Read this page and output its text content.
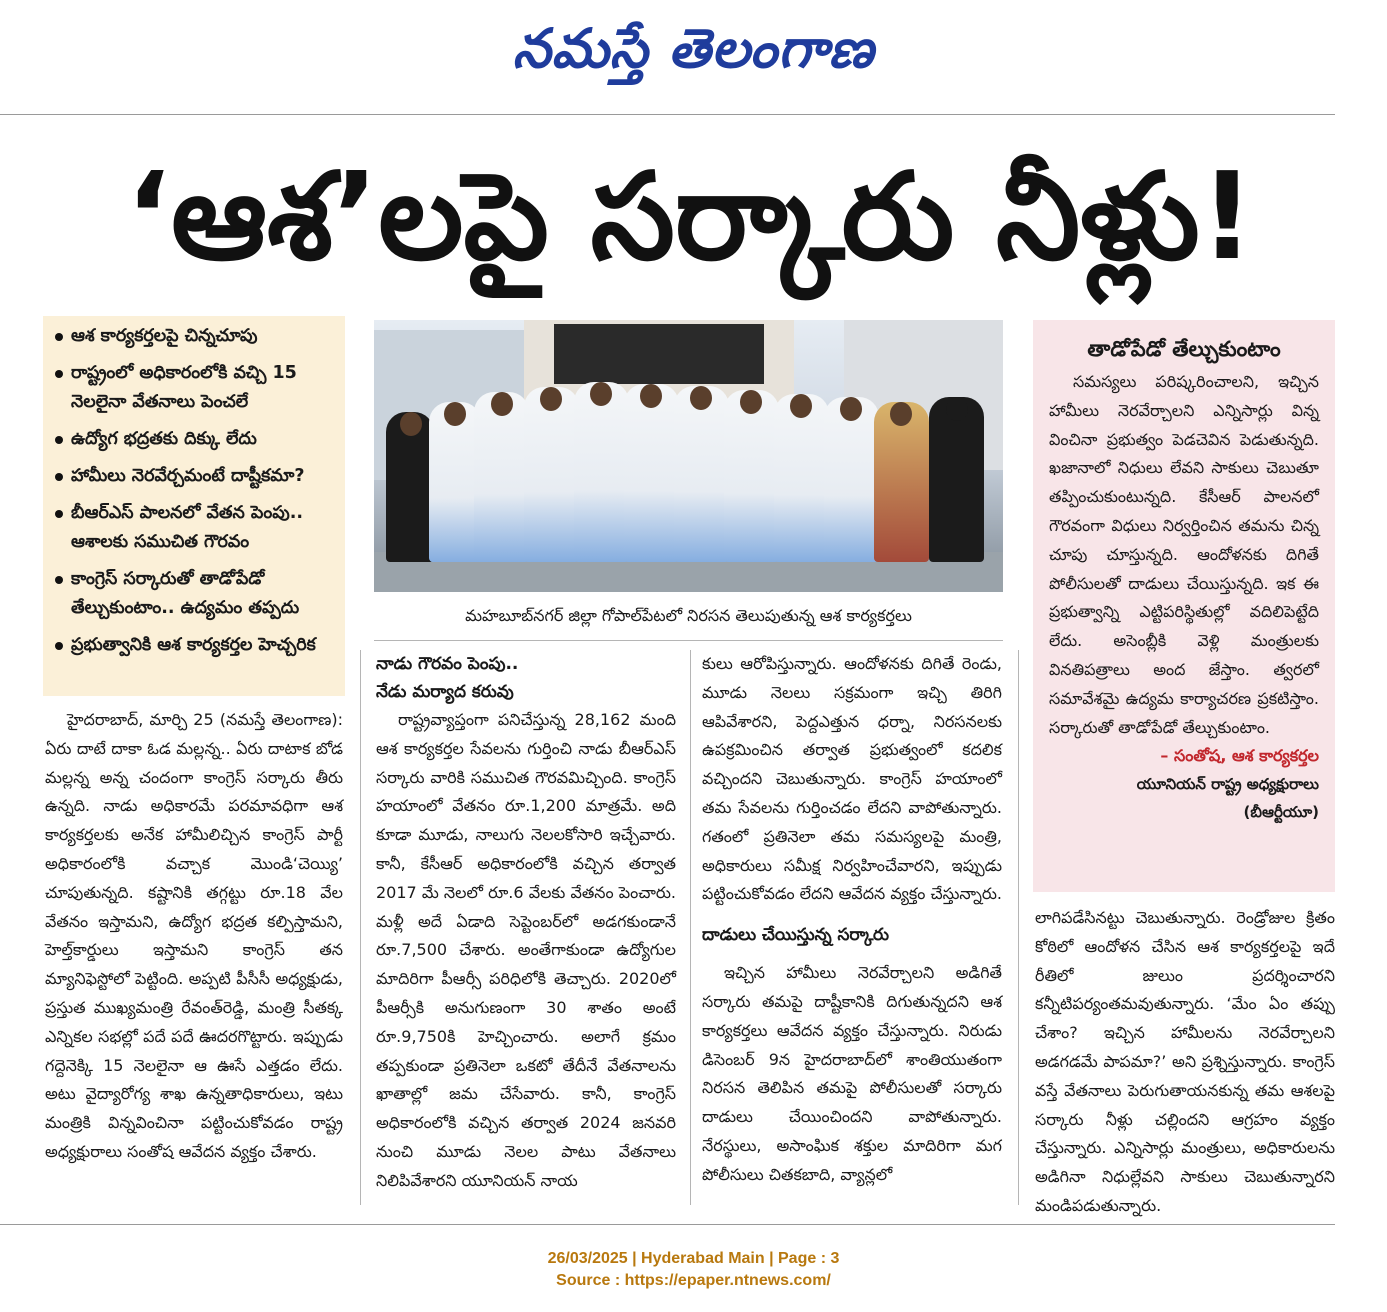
నమస్తే తెలంగాణ
‘ఆశ’లపై సర్కారు నీళ్లు!
ఆశ కార్యకర్తలపై చిన్నచూపు
రాష్ట్రంలో అధికారంలోకి వచ్చి 15 నెలలైనా వేతనాలు పెంచలే
ఉద్యోగ భద్రతకు దిక్కు లేదు
హామీలు నెరవేర్చమంటే దాష్టీకమా?
బీఆర్ఎస్ పాలనలో వేతన పెంపు.. ఆశాలకు సముచిత గౌరవం
కాంగ్రెస్ సర్కారుతో తాడోపేడో తేల్చుకుంటాం.. ఉద్యమం తప్పదు
ప్రభుత్వానికి ఆశ కార్యకర్తల హెచ్చరిక
మహబూబ్‌నగర్ జిల్లా గోపాల్‌పేటలో నిరసన తెలుపుతున్న ఆశ కార్యకర్తలు
తాడోపేడో తేల్చుకుంటాం
సమస్యలు పరిష్కరించాలని, ఇచ్చిన హామీలు నెరవేర్చాలని ఎన్నిసార్లు విన్న వించినా ప్రభుత్వం పెడచెవిన పెడుతున్నది. ఖజానాలో నిధులు లేవని సాకులు చెబుతూ తప్పించుకుంటున్నది. కేసీఆర్ పాలనలో గౌరవంగా విధులు నిర్వర్తించిన తమను చిన్న చూపు చూస్తున్నది. ఆందోళనకు దిగితే పోలీసులతో దాడులు చేయిస్తున్నది. ఇక ఈ ప్రభుత్వాన్ని ఎట్టిపరిస్థితుల్లో వదిలిపెట్టేది లేదు. అసెంబ్లీకి వెళ్లి మంత్రులకు వినతిపత్రాలు అంద జేస్తాం. త్వరలో సమావేశమై ఉద్యమ కార్యాచరణ ప్రకటిస్తాం. సర్కారుతో తాడోపేడో తేల్చుకుంటాం.
– సంతోష, ఆశ కార్యకర్తల
యూనియన్ రాష్ట్ర అధ్యక్షురాలు
(బీఆర్టీయూ)
హైదరాబాద్, మార్చి 25 (నమస్తే తెలంగాణ): ఏరు దాటే దాకా ఓడ మల్లన్న.. ఏరు దాటాక బోడ మల్లన్న అన్న చందంగా కాంగ్రెస్ సర్కారు తీరు ఉన్నది. నాడు అధికారమే పరమావధిగా ఆశ కార్యకర్తలకు అనేక హామీలిచ్చిన కాంగ్రెస్ పార్టీ అధికారంలోకి వచ్చాక మొండి‘చెయ్యి’ చూపుతున్నది. కష్టానికి తగ్గట్టు రూ.18 వేల వేతనం ఇస్తామని, ఉద్యోగ భద్రత కల్పిస్తామని, హెల్త్‌కార్డులు ఇస్తామని కాంగ్రెస్ తన మ్యానిఫెస్టోలో పెట్టింది. అప్పటి పీసీసీ అధ్యక్షుడు, ప్రస్తుత ముఖ్యమంత్రి రేవంత్‌రెడ్డి, మంత్రి సీతక్క ఎన్నికల సభల్లో పదే పదే ఊదరగొట్టారు. ఇప్పుడు గద్దెనెక్కి 15 నెలలైనా ఆ ఊసే ఎత్తడం లేదు. అటు వైద్యారోగ్య శాఖ ఉన్నతాధికారులు, ఇటు మంత్రికి విన్నవించినా పట్టించుకోవడం రాష్ట్ర అధ్యక్షురాలు సంతోష ఆవేదన వ్యక్తం చేశారు.
నాడు గౌరవం పెంపు..
నేడు మర్యాద కరువు
రాష్ట్రవ్యాప్తంగా పనిచేస్తున్న 28,162 మంది ఆశ కార్యకర్తల సేవలను గుర్తించి నాడు బీఆర్ఎస్ సర్కారు వారికి సముచిత గౌరవమిచ్చింది. కాంగ్రెస్ హయాంలో వేతనం రూ.1,200 మాత్రమే. అది కూడా మూడు, నాలుగు నెలలకోసారి ఇచ్చేవారు. కానీ, కేసీఆర్ అధికారంలోకి వచ్చిన తర్వాత 2017 మే నెలలో రూ.6 వేలకు వేతనం పెంచారు. మళ్లీ అదే ఏడాది సెప్టెంబర్‌లో అడగకుండానే రూ.7,500 చేశారు. అంతేగాకుండా ఉద్యోగుల మాదిరిగా పీఆర్సీ పరిధిలోకి తెచ్చారు. 2020లో పీఆర్సీకి అనుగుణంగా 30 శాతం అంటే రూ.9,750కి హెచ్చించారు. అలాగే క్రమం తప్పకుండా ప్రతినెలా ఒకటో తేదీనే వేతనాలను ఖాతాల్లో జమ చేసేవారు. కానీ, కాంగ్రెస్ అధికారంలోకి వచ్చిన తర్వాత 2024 జనవరి నుంచి మూడు నెలల పాటు వేతనాలు నిలిపివేశారని యూనియన్ నాయ
కులు ఆరోపిస్తున్నారు. ఆందోళనకు దిగితే రెండు, మూడు నెలలు సక్రమంగా ఇచ్చి తిరిగి ఆపివేశారని, పెద్దఎత్తున ధర్నా, నిరసనలకు ఉపక్రమించిన తర్వాత ప్రభుత్వంలో కదలిక వచ్చిందని చెబుతున్నారు. కాంగ్రెస్ హయాంలో తమ సేవలను గుర్తించడం లేదని వాపోతున్నారు. గతంలో ప్రతినెలా తమ సమస్యలపై మంత్రి, అధికారులు సమీక్ష నిర్వహించేవారని, ఇప్పుడు పట్టించుకోవడం లేదని ఆవేదన వ్యక్తం చేస్తున్నారు.
దాడులు చేయిస్తున్న సర్కారు
ఇచ్చిన హామీలు నెరవేర్చాలని అడిగితే సర్కారు తమపై దాష్టీకానికి దిగుతున్నదని ఆశ కార్యకర్తలు ఆవేదన వ్యక్తం చేస్తున్నారు. నిరుడు డిసెంబర్ 9న హైదరాబాద్‌లో శాంతియుతంగా నిరసన తెలిపిన తమపై పోలీసులతో సర్కారు దాడులు చేయించిందని వాపోతున్నారు. నేరస్థులు, అసాంఘిక శక్తుల మాదిరిగా మగ పోలీసులు చితకబాది, వ్యాన్లలో
లాగిపడేసినట్టు చెబుతున్నారు. రెండ్రోజుల క్రితం కోఠిలో ఆందోళన చేసిన ఆశ కార్యకర్తలపై ఇదే రీతిలో జులుం ప్రదర్శించారని కన్నీటిపర్యంతమవుతున్నారు. ‘మేం ఏం తప్పు చేశాం? ఇచ్చిన హామీలను నెరవేర్చాలని అడగడమే పాపమా?’ అని ప్రశ్నిస్తున్నారు. కాంగ్రెస్ వస్తే వేతనాలు పెరుగుతాయనకున్న తమ ఆశలపై సర్కారు నీళ్లు చల్లిందని ఆగ్రహం వ్యక్తం చేస్తున్నారు. ఎన్నిసార్లు మంత్రులు, అధికారులను అడిగినా నిధుల్లేవని సాకులు చెబుతున్నారని మండిపడుతున్నారు.
26/03/2025 | Hyderabad Main | Page : 3
Source : https://epaper.ntnews.com/
